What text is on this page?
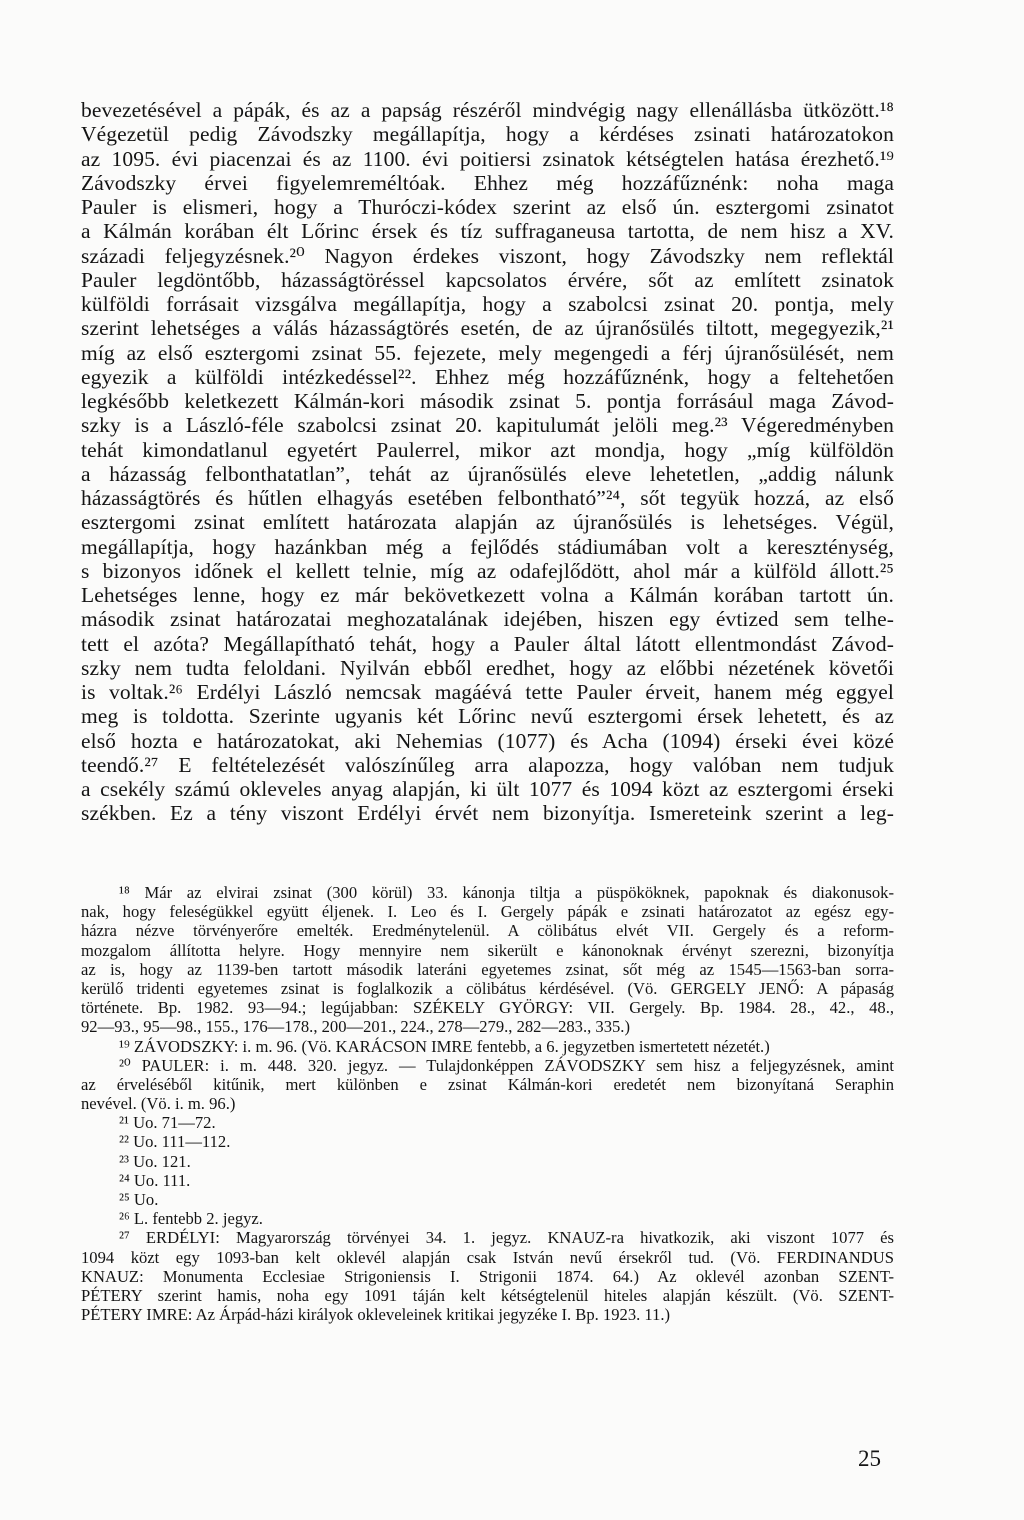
bevezetésével a pápák, és az a papság részéről mindvégig nagy ellenállásba ütközött.¹⁸
Végezetül pedig Závodszky megállapítja, hogy a kérdéses zsinati határozatokon
az 1095. évi piacenzai és az 1100. évi poitiersi zsinatok kétségtelen hatása érezhető.¹⁹
Závodszky érvei figyelemreméltóak. Ehhez még hozzáfűznénk: noha maga
Pauler is elismeri, hogy a Thuróczi-kódex szerint az első ún. esztergomi zsinatot
a Kálmán korában élt Lőrinc érsek és tíz suffraganeusa tartotta, de nem hisz a XV.
századi feljegyzésnek.²⁰ Nagyon érdekes viszont, hogy Závodszky nem reflektál
Pauler legdöntőbb, házasságtöréssel kapcsolatos érvére, sőt az említett zsinatok
külföldi forrásait vizsgálva megállapítja, hogy a szabolcsi zsinat 20. pontja, mely
szerint lehetséges a válás házasságtörés esetén, de az újranősülés tiltott, megegyezik,²¹
míg az első esztergomi zsinat 55. fejezete, mely megengedi a férj újranősülését, nem
egyezik a külföldi intézkedéssel²². Ehhez még hozzáfűznénk, hogy a feltehetően
legkésőbb keletkezett Kálmán-kori második zsinat 5. pontja forrásául maga Závod-
szky is a László-féle szabolcsi zsinat 20. kapitulumát jelöli meg.²³ Végeredményben
tehát kimondatlanul egyetért Paulerrel, mikor azt mondja, hogy „míg külföldön
a házasság felbonthatatlan”, tehát az újranősülés eleve lehetetlen, „addig nálunk
házasságtörés és hűtlen elhagyás esetében felbontható”²⁴, sőt tegyük hozzá, az első
esztergomi zsinat említett határozata alapján az újranősülés is lehetséges. Végül,
megállapítja, hogy hazánkban még a fejlődés stádiumában volt a kereszténység,
s bizonyos időnek el kellett telnie, míg az odafejlődött, ahol már a külföld állott.²⁵
Lehetséges lenne, hogy ez már bekövetkezett volna a Kálmán korában tartott ún.
második zsinat határozatai meghozatalának idejében, hiszen egy évtized sem telhe-
tett el azóta? Megállapítható tehát, hogy a Pauler által látott ellentmondást Závod-
szky nem tudta feloldani. Nyilván ebből eredhet, hogy az előbbi nézetének követői
is voltak.²⁶ Erdélyi László nemcsak magáévá tette Pauler érveit, hanem még eggyel
meg is toldotta. Szerinte ugyanis két Lőrinc nevű esztergomi érsek lehetett, és az
első hozta e határozatokat, aki Nehemias (1077) és Acha (1094) érseki évei közé
teendő.²⁷ E feltételezését valószínűleg arra alapozza, hogy valóban nem tudjuk
a csekély számú okleveles anyag alapján, ki ült 1077 és 1094 közt az esztergomi érseki
székben. Ez a tény viszont Erdélyi érvét nem bizonyítja. Ismereteink szerint a leg-
¹⁸ Már az elvirai zsinat (300 körül) 33. kánonja tiltja a püspököknek, papoknak és diakonusok-
nak, hogy feleségükkel együtt éljenek. I. Leo és I. Gergely pápák e zsinati határozatot az egész egy-
házra nézve törvényerőre emelték. Eredménytelenül. A cölibátus elvét VII. Gergely és a reform-
mozgalom állította helyre. Hogy mennyire nem sikerült e kánonoknak érvényt szerezni, bizonyítja
az is, hogy az 1139-ben tartott második lateráni egyetemes zsinat, sőt még az 1545—1563-ban sorra-
kerülő tridenti egyetemes zsinat is foglalkozik a cölibátus kérdésével. (Vö. GERGELY JENŐ: A pápaság
története. Bp. 1982. 93—94.; legújabban: SZÉKELY GYÖRGY: VII. Gergely. Bp. 1984. 28., 42., 48.,
92—93., 95—98., 155., 176—178., 200—201., 224., 278—279., 282—283., 335.)
¹⁹ ZÁVODSZKY: i. m. 96. (Vö. KARÁCSON IMRE fentebb, a 6. jegyzetben ismertetett nézetét.)
²⁰ PAULER: i. m. 448. 320. jegyz. — Tulajdonképpen ZÁVODSZKY sem hisz a feljegyzésnek, amint
az érveléséből kitűnik, mert különben e zsinat Kálmán-kori eredetét nem bizonyítaná Seraphin
nevével. (Vö. i. m. 96.)
²¹ Uo. 71—72.
²² Uo. 111—112.
²³ Uo. 121.
²⁴ Uo. 111.
²⁵ Uo.
²⁶ L. fentebb 2. jegyz.
²⁷ ERDÉLYI: Magyarország törvényei 34. 1. jegyz. KNAUZ-ra hivatkozik, aki viszont 1077 és
1094 közt egy 1093-ban kelt oklevél alapján csak István nevű érsekről tud. (Vö. FERDINANDUS
KNAUZ: Monumenta Ecclesiae Strigoniensis I. Strigonii 1874. 64.) Az oklevél azonban SZENT-
PÉTERY szerint hamis, noha egy 1091 táján kelt kétségtelenül hiteles alapján készült. (Vö. SZENT-
PÉTERY IMRE: Az Árpád-házi királyok okleveleinek kritikai jegyzéke I. Bp. 1923. 11.)
25
